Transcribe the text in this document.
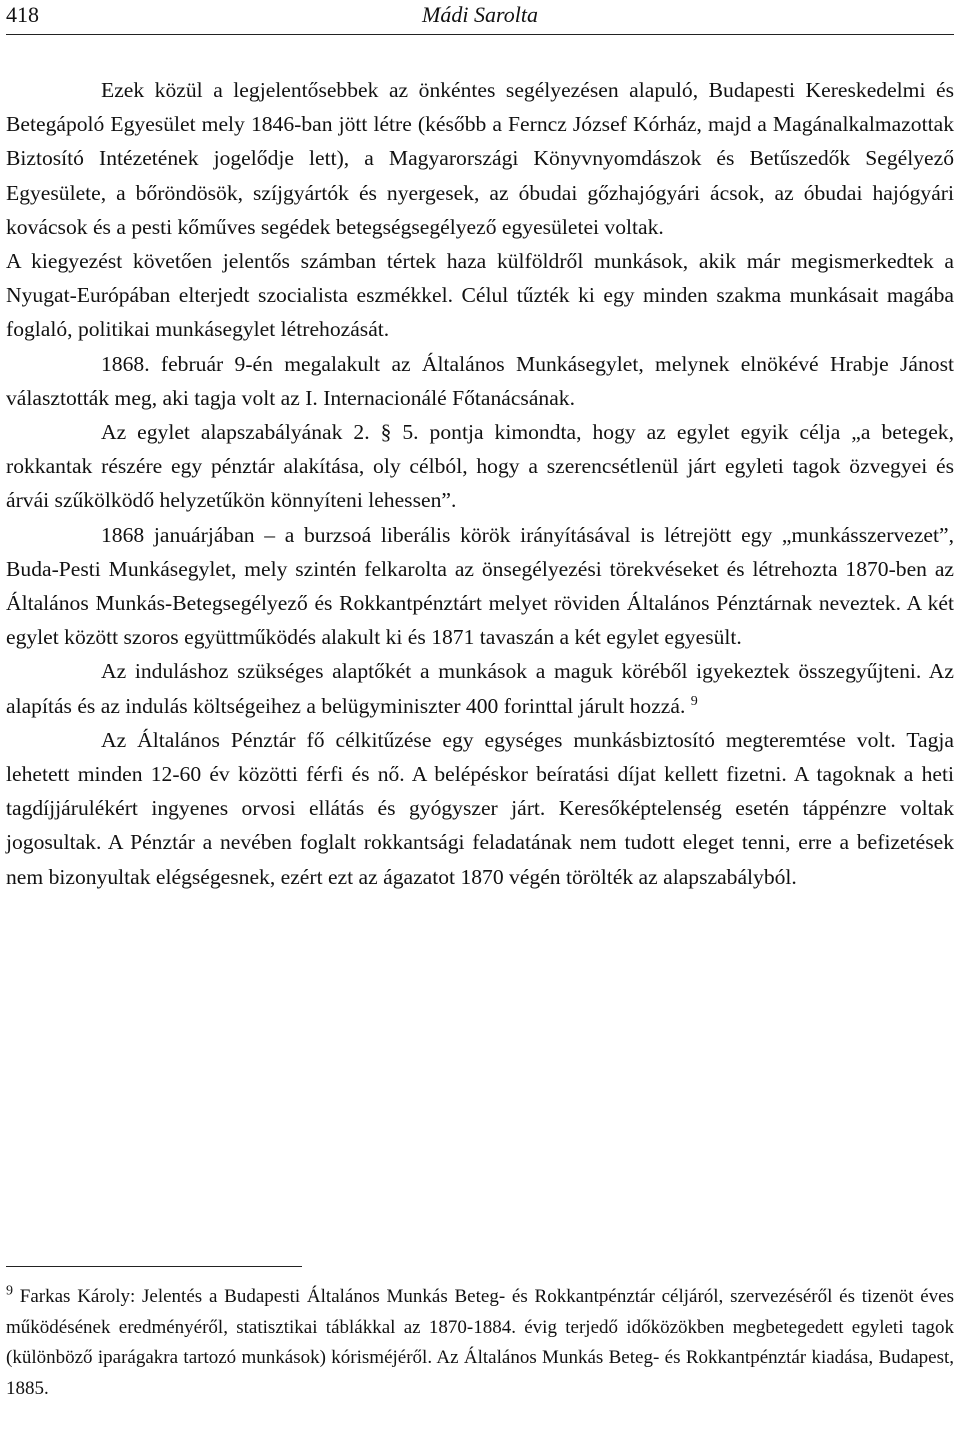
418	Mádi Sarolta

Ezek közül a legjelentősebbek az önkéntes segélyezésen alapuló, Budapesti Kereskedelmi és Betegápoló Egyesület mely 1846-ban jött létre (később a Ferncz József Kórház, majd a Magánalkalmazottak Biztosító Intézetének jogelődje lett), a Magyarországi Könyvnyomdászok és Betűszedők Segélyező Egyesülete, a bőröndösök, szíjgyártók és nyergesek, az óbudai gőzhajógyári ácsok, az óbudai hajógyári kovácsok és a pesti kőműves segédek betegségsegélyező egyesületei voltak.

A kiegyezést követően jelentős számban tértek haza külföldről munkások, akik már megismerkedtek a Nyugat-Európában elterjedt szocialista eszmékkel. Célul tűzték ki egy minden szakma munkásait magába foglaló, politikai munkásegylet létrehozását.

1868. február 9-én megalakult az Általános Munkásegylet, melynek elnökévé Hrabje Jánost választották meg, aki tagja volt az I. Internacionálé Főtanácsának.

Az egylet alapszabályának 2. § 5. pontja kimondta, hogy az egylet egyik célja „a betegek, rokkantak részére egy pénztár alakítása, oly célból, hogy a szerencsétlenül járt egyleti tagok özvegyei és árvái szűkölködő helyzetűkön könnyíteni lehessen”.

1868 januárjában – a burzsoá liberális körök irányításával is létrejött egy „munkásszervezet”, Buda-Pesti Munkásegylet, mely szintén felkarolta az önsegélyezési törekvéseket és létrehozta 1870-ben az Általános Munkás-Betegsegélyező és Rokkantpénztárt melyet röviden Általános Pénztárnak neveztek. A két egylet között szoros együttműködés alakult ki és 1871 tavaszán a két egylet egyesült.

Az induláshoz szükséges alaptőkét a munkások a maguk köréből igyekeztek összegyűjteni. Az alapítás és az indulás költségeihez a belügyminiszter 400 forinttal járult hozzá. $^9$

Az Általános Pénztár fő célkitűzése egy egységes munkásbiztosító megteremtése volt. Tagja lehetett minden 12-60 év közötti férfi és nő. A belépéskor beíratási díjat kellett fizetni. A tagoknak a heti tagdíjjárulékért ingyenes orvosi ellátás és gyógyszer járt. Keresőképtelenség esetén táppénzre voltak jogosultak. A Pénztár a nevében foglalt rokkantsági feladatának nem tudott eleget tenni, erre a befizetések nem bizonyultak elégségesnek, ezért ezt az ágazatot 1870 végén törölték az alapszabályból.

$^9$ Farkas Károly: Jelentés a Budapesti Általános Munkás Beteg- és Rokkantpénztár céljáról, szervezéséről és tizenöt éves működésének eredményéről, statisztikai táblákkal az 1870-1884. évig terjedő időközökben megbetegedett egyleti tagok (különböző iparágakra tartozó munkások) kórisméjéről. Az Általános Munkás Beteg- és Rokkantpénztár kiadása, Budapest, 1885.
